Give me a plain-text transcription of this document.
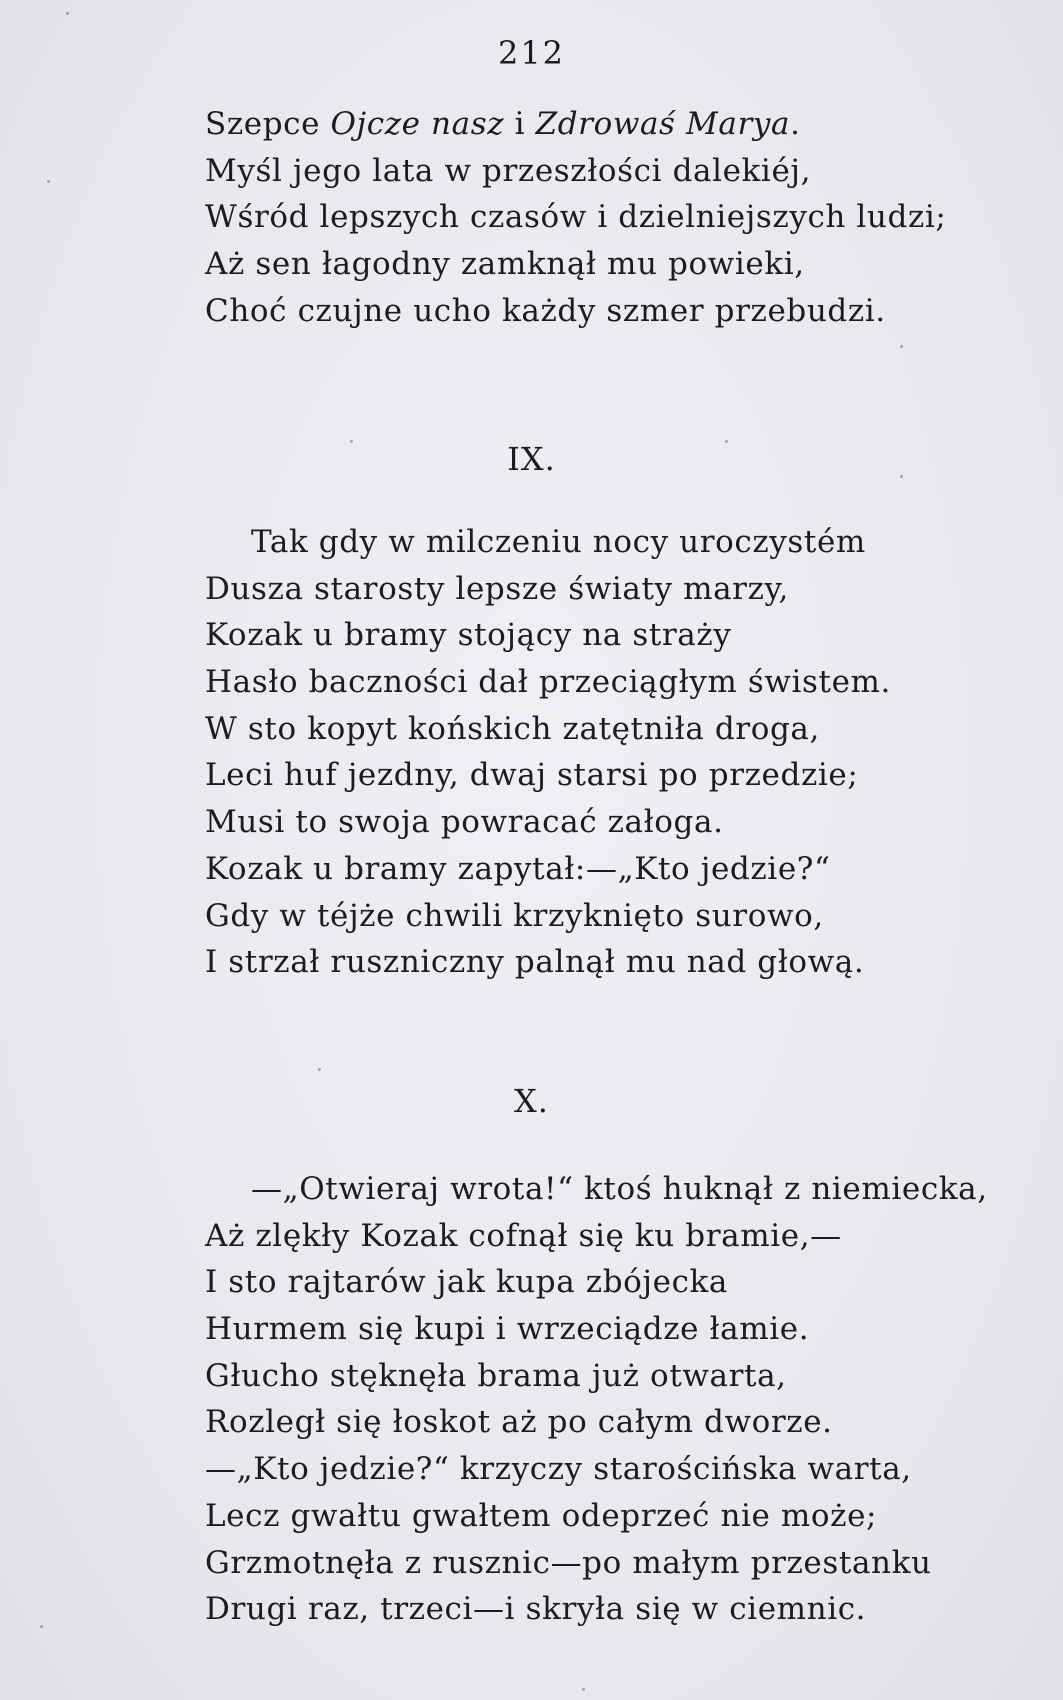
212
Szepce Ojcze nasz i Zdrowaś Marya.
Myśl jego lata w przeszłości dalekiéj,
Wśród lepszych czasów i dzielniejszych ludzi;
Aż sen łagodny zamknął mu powieki,
Choć czujne ucho każdy szmer przebudzi.
IX.
Tak gdy w milczeniu nocy uroczystém
Dusza starosty lepsze światy marzy,
Kozak u bramy stojący na straży
Hasło baczności dał przeciągłym świstem.
W sto kopyt końskich zatętniła droga,
Leci huf jezdny, dwaj starsi po przedzie;
Musi to swoja powracać załoga.
Kozak u bramy zapytał:—„Kto jedzie?“
Gdy w téjże chwili krzyknięto surowo,
I strzał ruszniczny palnął mu nad głową.
X.
—„Otwieraj wrota!“ ktoś huknął z niemiecka,
Aż zlękły Kozak cofnął się ku bramie,—
I sto rajtarów jak kupa zbójecka
Hurmem się kupi i wrzeciądze łamie.
Głucho stęknęła brama już otwarta,
Rozległ się łoskot aż po całym dworze.
—„Kto jedzie?“ krzyczy starościńska warta,
Lecz gwałtu gwałtem odeprzeć nie może;
Grzmotnęła z rusznic—po małym przestanku
Drugi raz, trzeci—i skryła się w ciemnic.
